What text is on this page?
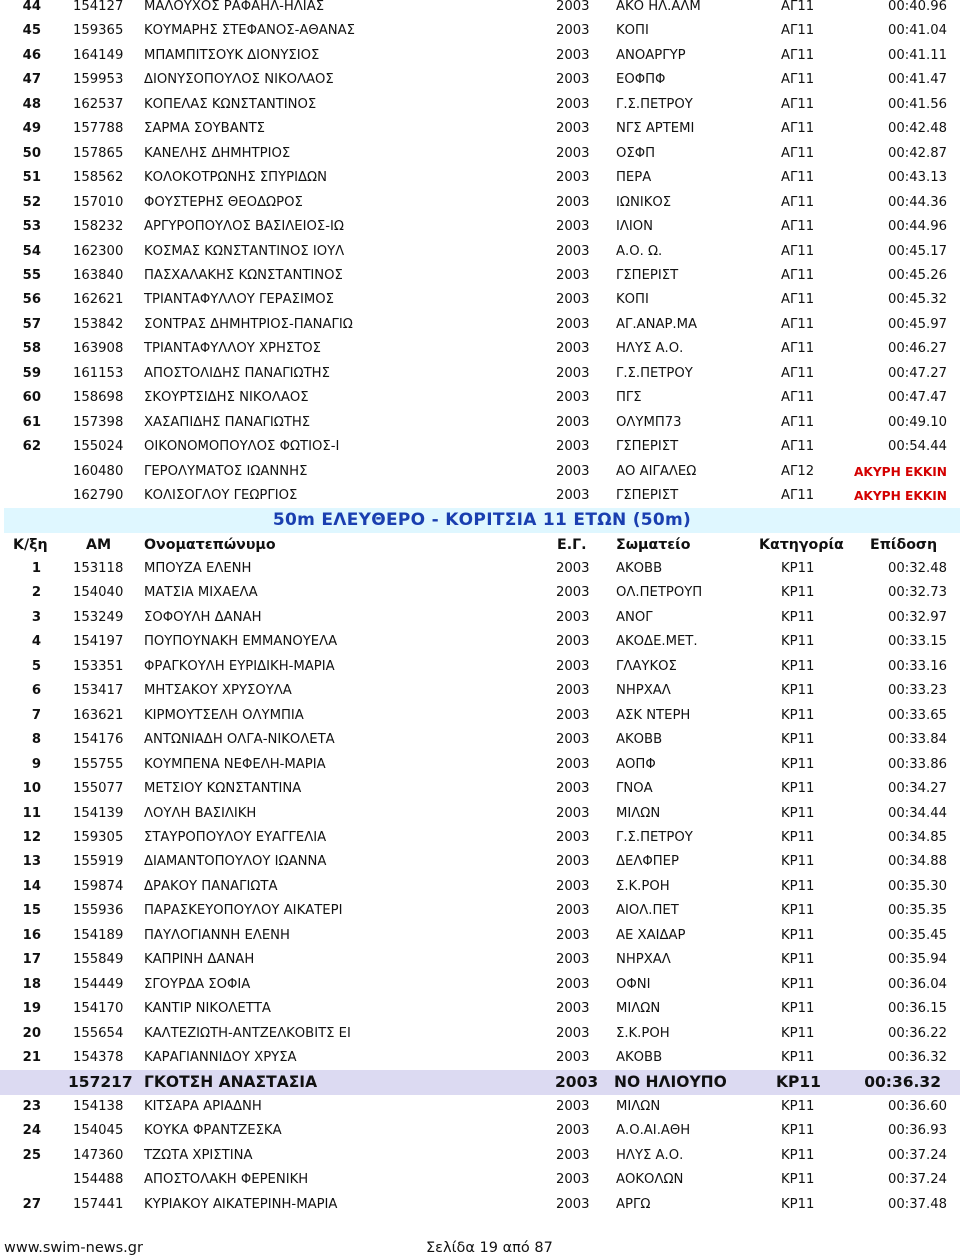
44 154127 ΜΑΛΟΥΧΟΣ ΡΑΦΑΗΛ-ΗΛΙΑΣ	2003 ΑΚΟ ΗΛ.ΑΛΜ	ΑΓ11	00:40.96
45 159365 ΚΟΥΜΑΡΗΣ ΣΤΕΦΑΝΟΣ-ΑΘΑΝΑΣ	2003 ΚΟΠΙ	ΑΓ11	00:41.04
46 164149 ΜΠΑΜΠΙΤΣΟΥΚ ΔΙΟΝΥΣΙΟΣ	2003 ΑΝΟΑΡΓΥΡ	ΑΓ11	00:41.11
47 159953 ΔΙΟΝΥΣΟΠΟΥΛΟΣ ΝΙΚΟΛΑΟΣ	2003 ΕΟΦΠΦ	ΑΓ11	00:41.47
48 162537 ΚΟΠΕΛΑΣ ΚΩΝΣΤΑΝΤΙΝΟΣ	2003 Γ.Σ.ΠΕΤΡΟΥ	ΑΓ11	00:41.56
49 157788 ΣΑΡΜΑ ΣΟΥΒΑΝΤΣ	2003 ΝΓΣ ΑΡΤΕΜΙ	ΑΓ11	00:42.48
50 157865 ΚΑΝΕΛΗΣ ΔΗΜΗΤΡΙΟΣ	2003 ΟΣΦΠ	ΑΓ11	00:42.87
51 158562 ΚΟΛΟΚΟΤΡΩΝΗΣ ΣΠΥΡΙΔΩΝ	2003 ΠΕΡΑ	ΑΓ11	00:43.13
52 157010 ΦΟΥΣΤΕΡΗΣ ΘΕΟΔΩΡΟΣ	2003 ΙΩΝΙΚΟΣ	ΑΓ11	00:44.36
53 158232 ΑΡΓΥΡΟΠΟΥΛΟΣ ΒΑΣΙΛΕΙΟΣ-ΙΩ	2003 ΙΛΙΟΝ	ΑΓ11	00:44.96
54 162300 ΚΟΣΜΑΣ ΚΩΝΣΤΑΝΤΙΝΟΣ ΙΟΥΛ	2003 Α.Ο. Ω.	ΑΓ11	00:45.17
55 163840 ΠΑΣΧΑΛΑΚΗΣ ΚΩΝΣΤΑΝΤΙΝΟΣ	2003 ΓΣΠΕΡΙΣΤ	ΑΓ11	00:45.26
56 162621 ΤΡΙΑΝΤΑΦΥΛΛΟΥ ΓΕΡΑΣΙΜΟΣ	2003 ΚΟΠΙ	ΑΓ11	00:45.32
57 153842 ΣΟΝΤΡΑΣ ΔΗΜΗΤΡΙΟΣ-ΠΑΝΑΓΙΩ	2003 ΑΓ.ΑΝΑΡ.ΜΑ	ΑΓ11	00:45.97
58 163908 ΤΡΙΑΝΤΑΦΥΛΛΟΥ ΧΡΗΣΤΟΣ	2003 ΗΛΥΣ Α.Ο.	ΑΓ11	00:46.27
59 161153 ΑΠΟΣΤΟΛΙΔΗΣ ΠΑΝΑΓΙΩΤΗΣ	2003 Γ.Σ.ΠΕΤΡΟΥ	ΑΓ11	00:47.27
60 158698 ΣΚΟΥΡΤΣΙΔΗΣ ΝΙΚΟΛΑΟΣ	2003 ΠΓΣ	ΑΓ11	00:47.47
61 157398 ΧΑΣΑΠΙΔΗΣ ΠΑΝΑΓΙΩΤΗΣ	2003 ΟΛΥΜΠ73	ΑΓ11	00:49.10
62 155024 ΟΙΚΟΝΟΜΟΠΟΥΛΟΣ ΦΩΤΙΟΣ-Ι	2003 ΓΣΠΕΡΙΣΤ	ΑΓ11	00:54.44
160480 ΓΕΡΟΛΥΜΑΤΟΣ ΙΩΑΝΝΗΣ	2003 ΑΟ ΑΙΓΑΛΕΩ	ΑΓ12	ΑΚΥΡΗ ΕΚΚΙΝ
162790 ΚΟΛΙΣΟΓΛΟΥ ΓΕΩΡΓΙΟΣ	2003 ΓΣΠΕΡΙΣΤ	ΑΓ11	ΑΚΥΡΗ ΕΚΚΙΝ
50m ΕΛΕΥΘΕΡΟ - ΚΟΡΙΤΣΙΑ 11 ΕΤΩΝ (50m)
Κ/ξη	ΑΜ Ονοματεπώνυμο	Ε.Γ. Σωματείο	Κατηγορία Επίδοση
1 153118 ΜΠΟΥΖΑ ΕΛΕΝΗ	2003 ΑΚΟΒΒ	ΚΡ11	00:32.48
2 154040 ΜΑΤΣΙΑ ΜΙΧΑΕΛΑ	2003 ΟΛ.ΠΕΤΡΟΥΠ	ΚΡ11	00:32.73
3 153249 ΣΟΦΟΥΛΗ ΔΑΝΑΗ	2003 ΑΝΟΓ	ΚΡ11	00:32.97
4 154197 ΠΟΥΠΟΥΝΑΚΗ ΕΜΜΑΝΟΥΕΛΑ	2003 ΑΚΟΔΕ.ΜΕΤ.	ΚΡ11	00:33.15
5 153351 ΦΡΑΓΚΟΥΛΗ ΕΥΡΙΔΙΚΗ-ΜΑΡΙΑ	2003 ΓΛΑΥΚΟΣ	ΚΡ11	00:33.16
6 153417 ΜΗΤΣΑΚΟΥ ΧΡΥΣΟΥΛΑ	2003 ΝΗΡΧΑΛ	ΚΡ11	00:33.23
7 163621 ΚΙΡΜΟΥΤΣΕΛΗ ΟΛΥΜΠΙΑ	2003 ΑΣΚ ΝΤΕΡΗ	ΚΡ11	00:33.65
8 154176 ΑΝΤΩΝΙΑΔΗ ΟΛΓΑ-ΝΙΚΟΛΕΤΑ	2003 ΑΚΟΒΒ	ΚΡ11	00:33.84
9 155755 ΚΟΥΜΠΕΝΑ ΝΕΦΕΛΗ-ΜΑΡΙΑ	2003 ΑΟΠΦ	ΚΡ11	00:33.86
10 155077 ΜΕΤΣΙΟΥ ΚΩΝΣΤΑΝΤΙΝΑ	2003 ΓΝΟΑ	ΚΡ11	00:34.27
11 154139 ΛΟΥΛΗ ΒΑΣΙΛΙΚΗ	2003 ΜΙΛΩΝ	ΚΡ11	00:34.44
12 159305 ΣΤΑΥΡΟΠΟΥΛΟΥ ΕΥΑΓΓΕΛΙΑ	2003 Γ.Σ.ΠΕΤΡΟΥ	ΚΡ11	00:34.85
13 155919 ΔΙΑΜΑΝΤΟΠΟΥΛΟΥ ΙΩΑΝΝΑ	2003 ΔΕΛΦΠΕΡ	ΚΡ11	00:34.88
14 159874 ΔΡΑΚΟΥ ΠΑΝΑΓΙΩΤΑ	2003 Σ.Κ.ΡΟΗ	ΚΡ11	00:35.30
15 155936 ΠΑΡΑΣΚΕΥΟΠΟΥΛΟΥ ΑΙΚΑΤΕΡΙ	2003 ΑΙΟΛ.ΠΕΤ	ΚΡ11	00:35.35
16 154189 ΠΑΥΛΟΓΙΑΝΝΗ ΕΛΕΝΗ	2003 ΑΕ ΧΑΙΔΑΡ	ΚΡ11	00:35.45
17 155849 ΚΑΠΡΙΝΗ ΔΑΝΑΗ	2003 ΝΗΡΧΑΛ	ΚΡ11	00:35.94
18 154449 ΣΓΟΥΡΔΑ ΣΟΦΙΑ	2003 ΟΦΝΙ	ΚΡ11	00:36.04
19 154170 ΚΑΝΤΙΡ ΝΙΚΟΛΕΤΤΑ	2003 ΜΙΛΩΝ	ΚΡ11	00:36.15
20 155654 ΚΑΛΤΕΖΙΩΤΗ-ΑΝΤΖΕΛΚΟΒΙΤΣ ΕΙ	2003 Σ.Κ.ΡΟΗ	ΚΡ11	00:36.22
21 154378 ΚΑΡΑΓΙΑΝΝΙΔΟΥ ΧΡΥΣΑ	2003 ΑΚΟΒΒ	ΚΡ11	00:36.32
157217 ΓΚΟΤΣΗ ΑΝΑΣΤΑΣΙΑ	2003 ΝΟ ΗΛΙΟΥΠΟ	ΚΡ11	00:36.32
23 154138 ΚΙΤΣΑΡΑ ΑΡΙΑΔΝΗ	2003 ΜΙΛΩΝ	ΚΡ11	00:36.60
24 154045 ΚΟΥΚΑ ΦΡΑΝΤΖΕΣΚΑ	2003 Α.Ο.ΑΙ.ΑΘΗ	ΚΡ11	00:36.93
25 147360 ΤΖΩΤΑ ΧΡΙΣΤΙΝΑ	2003 ΗΛΥΣ Α.Ο.	ΚΡ11	00:37.24
154488 ΑΠΟΣΤΟΛΑΚΗ ΦΕΡΕΝΙΚΗ	2003 ΑΟΚΟΛΩΝ	ΚΡ11	00:37.24
27 157441 ΚΥΡΙΑΚΟΥ ΑΙΚΑΤΕΡΙΝΗ-ΜΑΡΙΑ	2003 ΑΡΓΩ	ΚΡ11	00:37.48
www.swim-news.gr	Σελίδα 19 από 87
